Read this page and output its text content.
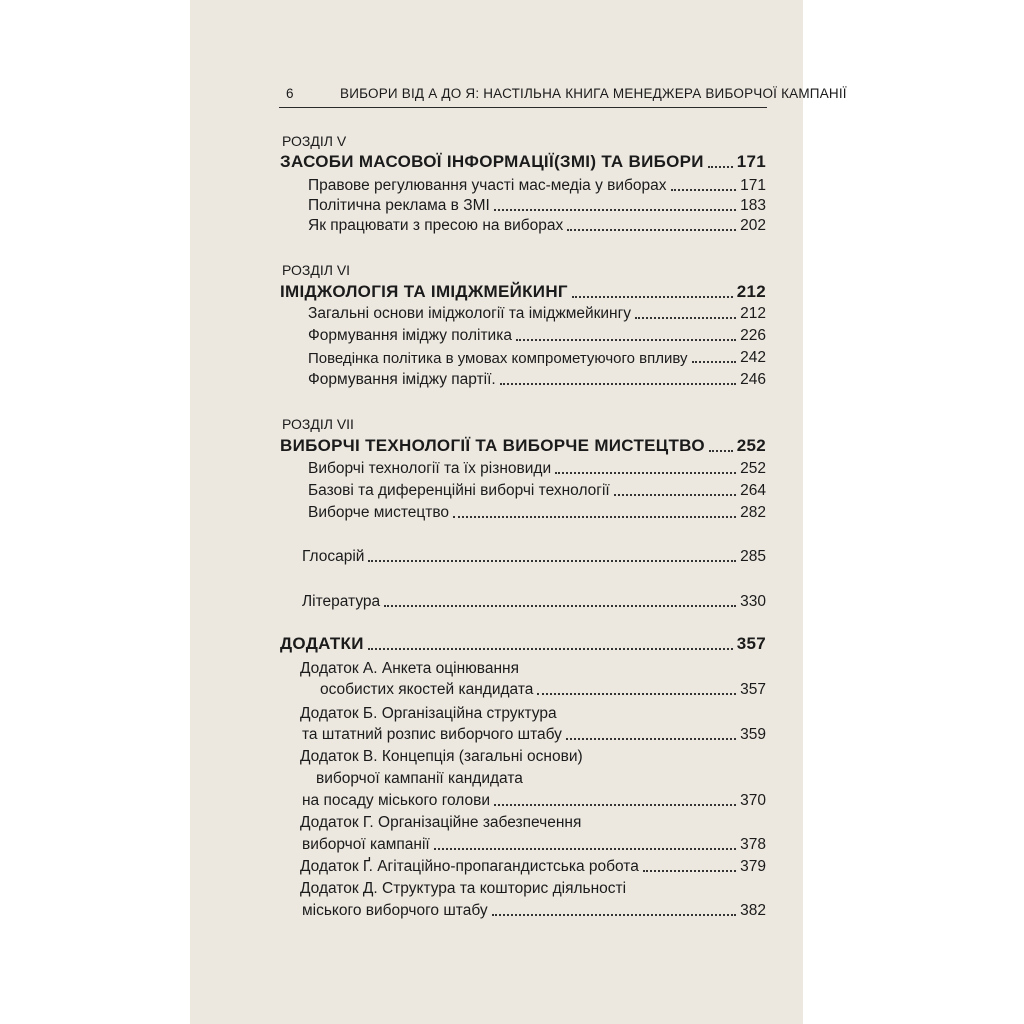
6	ВИБОРИ ВІД А ДО Я: НАСТІЛЬНА КНИГА МЕНЕДЖЕРА ВИБОРЧОЇ КАМПАНІЇ
РОЗДІЛ V
ЗАСОБИ МАСОВОЇ ІНФОРМАЦІЇ(ЗМІ) ТА ВИБОРИ 171
Правове регулювання участі мас-медіа у виборах	171
Політична реклама в ЗМІ	183
Як працювати з пресою на виборах	202
РОЗДІЛ VI
ІМІДЖОЛОГІЯ ТА ІМІДЖМЕЙКИНГ	212
Загальні основи іміджології та іміджмейкингу	212
Формування іміджу політика	226
Поведінка політика в умовах компрометуючого впливу	242
Формування іміджу партії.	246
РОЗДІЛ VII
ВИБОРЧІ ТЕХНОЛОГІЇ ТА ВИБОРЧЕ МИСТЕЦТВО 252
Виборчі технології та їх різновиди	252
Базові та диференційні виборчі технології	264
Виборче мистецтво	282
Глосарій	285
Література	330
ДОДАТКИ	357
Додаток А. Анкета оцінювання
особистих якостей кандидата	357
Додаток Б. Організаційна структура
та штатний розпис виборчого штабу	359
Додаток В. Концепція (загальні основи)
виборчої кампанії кандидата
на посаду міського голови	370
Додаток Г. Організаційне забезпечення
виборчої кампанії	378
Додаток Ґ. Агітаційно-пропагандистська робота	379
Додаток Д. Структура та кошторис діяльності
міського виборчого штабу	382
